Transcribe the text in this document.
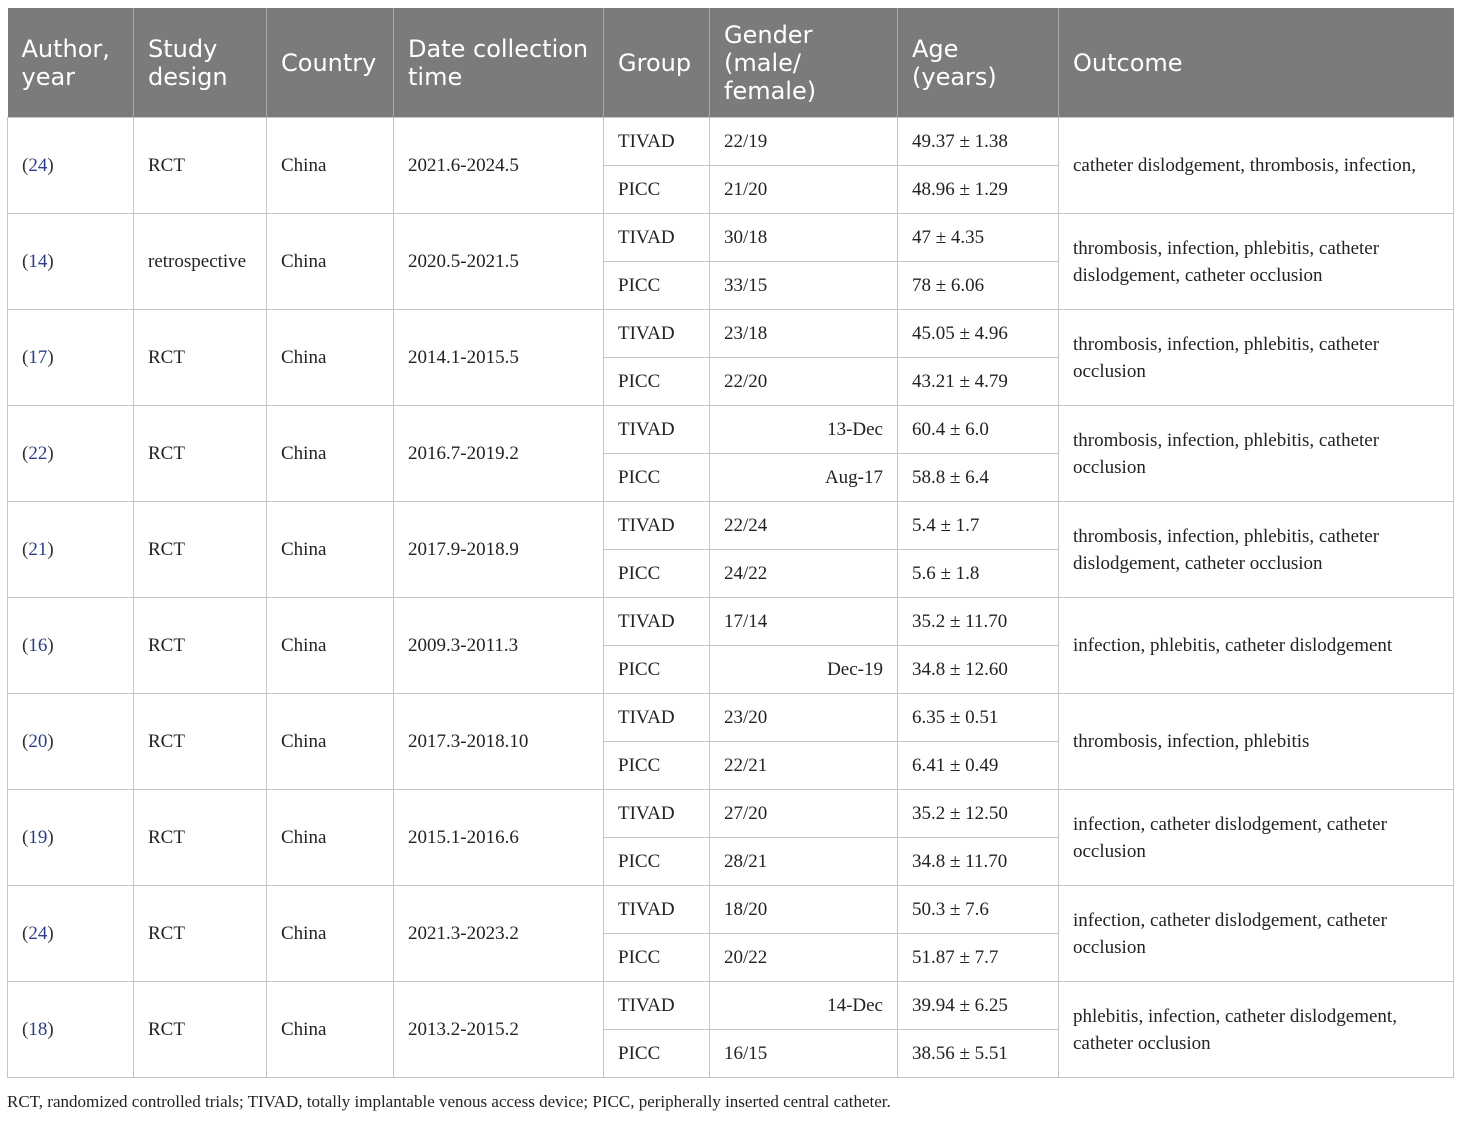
Author, year	Study design	Country	Date collection time	Group	Gender (male/ female)	Age (years)	Outcome
(24)	RCT	China	2021.6-2024.5	TIVAD	22/19	49.37 ± 1.38	catheter dislodgement, thrombosis, infection,
				PICC	21/20	48.96 ± 1.29	
(14)	retrospective	China	2020.5-2021.5	TIVAD	30/18	47 ± 4.35	thrombosis, infection, phlebitis, catheter dislodgement, catheter occlusion
				PICC	33/15	78 ± 6.06	
(17)	RCT	China	2014.1-2015.5	TIVAD	23/18	45.05 ± 4.96	thrombosis, infection, phlebitis, catheter occlusion
				PICC	22/20	43.21 ± 4.79	
(22)	RCT	China	2016.7-2019.2	TIVAD	13-Dec	60.4 ± 6.0	thrombosis, infection, phlebitis, catheter occlusion
				PICC	Aug-17	58.8 ± 6.4	
(21)	RCT	China	2017.9-2018.9	TIVAD	22/24	5.4 ± 1.7	thrombosis, infection, phlebitis, catheter dislodgement, catheter occlusion
				PICC	24/22	5.6 ± 1.8	
(16)	RCT	China	2009.3-2011.3	TIVAD	17/14	35.2 ± 11.70	infection, phlebitis, catheter dislodgement
				PICC	Dec-19	34.8 ± 12.60	
(20)	RCT	China	2017.3-2018.10	TIVAD	23/20	6.35 ± 0.51	thrombosis, infection, phlebitis
				PICC	22/21	6.41 ± 0.49	
(19)	RCT	China	2015.1-2016.6	TIVAD	27/20	35.2 ± 12.50	infection, catheter dislodgement, catheter occlusion
				PICC	28/21	34.8 ± 11.70	
(24)	RCT	China	2021.3-2023.2	TIVAD	18/20	50.3 ± 7.6	infection, catheter dislodgement, catheter occlusion
				PICC	20/22	51.87 ± 7.7	
(18)	RCT	China	2013.2-2015.2	TIVAD	14-Dec	39.94 ± 6.25	phlebitis, infection, catheter dislodgement, catheter occlusion
				PICC	16/15	38.56 ± 5.51	
RCT, randomized controlled trials; TIVAD, totally implantable venous access device; PICC, peripherally inserted central catheter.
